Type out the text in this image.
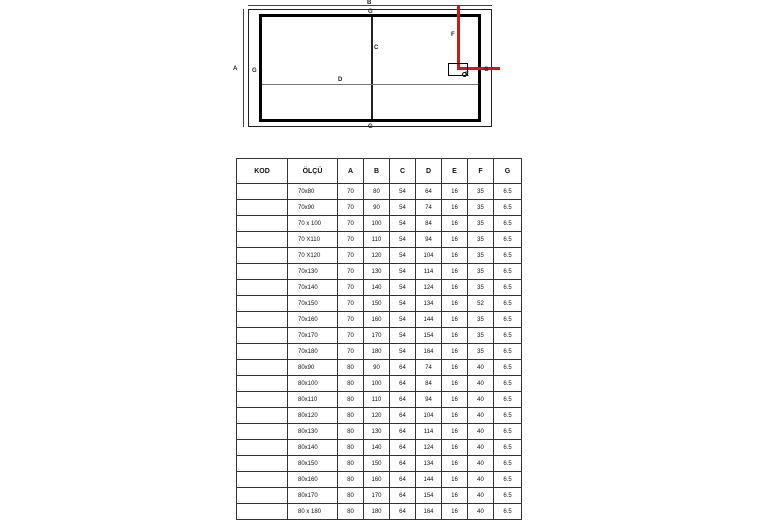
B
G
A G
C
D
G
F
E
G
KOD	ÖLÇÜ	A	B	C	D	E	F	G
	70x80	70	80	54	64	16	35	6.5
	70x90	70	90	54	74	16	35	6.5
	70 x 100	70	100	54	84	16	35	6.5
	70 X110	70	110	54	94	16	35	6.5
	70 X120	70	120	54	104	16	35	6.5
	70x130	70	130	54	114	16	35	6.5
	70x140	70	140	54	124	16	35	6.5
	70x150	70	150	54	134	16	52	6.5
	70x160	70	160	54	144	16	35	6.5
	70x170	70	170	54	154	16	35	6.5
	70x180	70	180	54	164	16	35	6.5
	80x90	80	90	64	74	16	40	6.5
	80x100	80	100	64	84	16	40	6.5
	80x110	80	110	64	94	16	40	6.5
	80x120	80	120	64	104	16	40	6.5
	80x130	80	130	64	114	16	40	6.5
	80x140	80	140	64	124	16	40	6.5
	80x150	80	150	64	134	16	40	6.5
	80x160	80	160	64	144	16	40	6.5
	80x170	80	170	64	154	16	40	6.5
	80 x 180	80	180	64	164	16	40	6.5
